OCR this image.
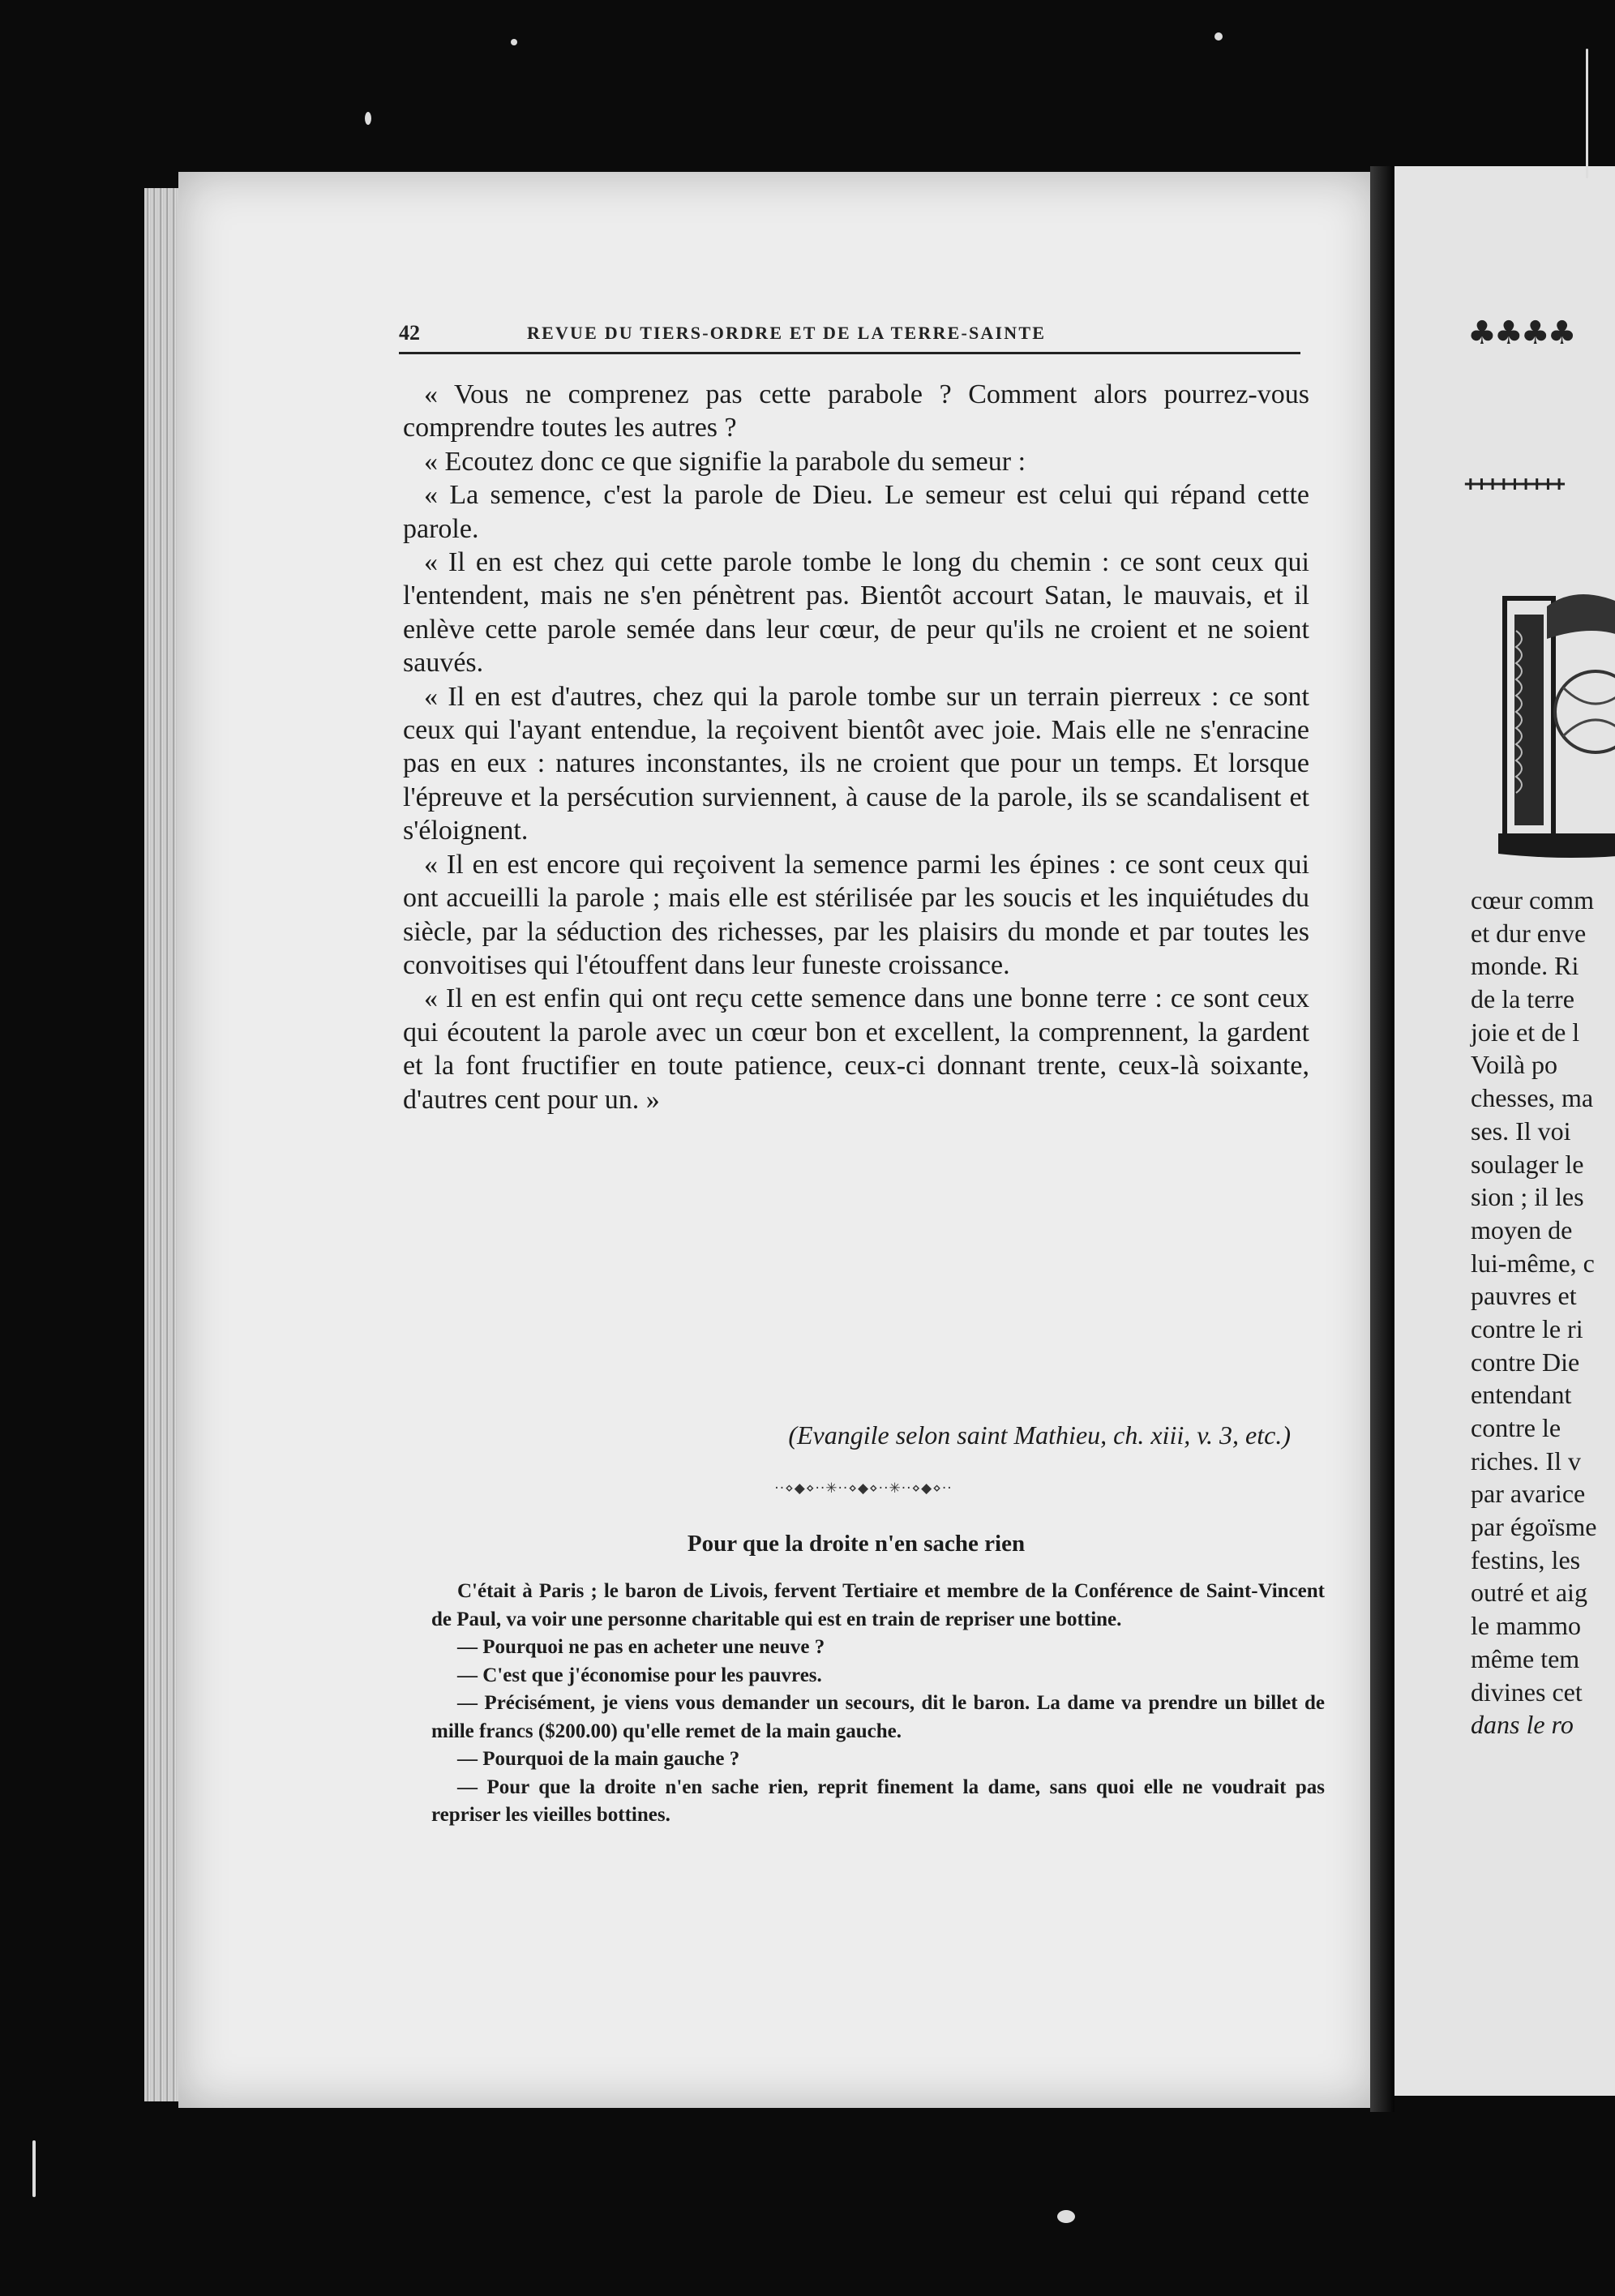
42	REVUE DU TIERS-ORDRE ET DE LA TERRE-SAINTE

« Vous ne comprenez pas cette parabole ? Comment alors pourrez-vous comprendre toutes les autres ?

« Ecoutez donc ce que signifie la parabole du semeur :

« La semence, c'est la parole de Dieu. Le semeur est celui qui répand cette parole.

« Il en est chez qui cette parole tombe le long du chemin : ce sont ceux qui l'entendent, mais ne s'en pénètrent pas. Bientôt accourt Satan, le mauvais, et il enlève cette parole semée dans leur cœur, de peur qu'ils ne croient et ne soient sauvés.

« Il en est d'autres, chez qui la parole tombe sur un terrain pierreux : ce sont ceux qui l'ayant entendue, la reçoivent bientôt avec joie. Mais elle ne s'enracine pas en eux : natures inconstantes, ils ne croient que pour un temps. Et lorsque l'épreuve et la persécution surviennent, à cause de la parole, ils se scandalisent et s'éloignent.

« Il en est encore qui reçoivent la semence parmi les épines : ce sont ceux qui ont accueilli la parole ; mais elle est stérilisée par les soucis et les inquiétudes du siècle, par la séduction des richesses, par les plaisirs du monde et par toutes les convoitises qui l'étouffent dans leur funeste croissance.

« Il en est enfin qui ont reçu cette semence dans une bonne terre : ce sont ceux qui écoutent la parole avec un cœur bon et excellent, la comprennent, la gardent et la font fructifier en toute patience, ceux-ci donnant trente, ceux-là soixante, d'autres cent pour un. »

(Evangile selon saint Mathieu, ch. xiii, v. 3, etc.)
··⋄◆⋄··✳··⋄◆⋄··✳··⋄◆⋄··
Pour que la droite n'en sache rien

C'était à Paris ; le baron de Livois, fervent Tertiaire et membre de la Conférence de Saint-Vincent de Paul, va voir une personne charitable qui est en train de repriser une bottine.

— Pourquoi ne pas en acheter une neuve ?

— C'est que j'économise pour les pauvres.

— Précisément, je viens vous demander un secours, dit le baron. La dame va prendre un billet de mille francs ($200.00) qu'elle remet de la main gauche.

— Pourquoi de la main gauche ?

— Pour que la droite n'en sache rien, reprit finement la dame, sans quoi elle ne voudrait pas repriser les vieilles bottines.

♣♣♣♣
+++++++++
cœur comm
et dur enve
monde. Ri
de la terre
joie et de l
Voilà po
chesses, ma
ses. Il voi
soulager le
sion ; il les
moyen de
lui-même, c
pauvres et
contre le ri
contre Die
entendant
contre le
riches. Il v
par avarice
par égoïsme
festins, les
outré et aig
le mammo
même tem
divines cet
dans le ro
